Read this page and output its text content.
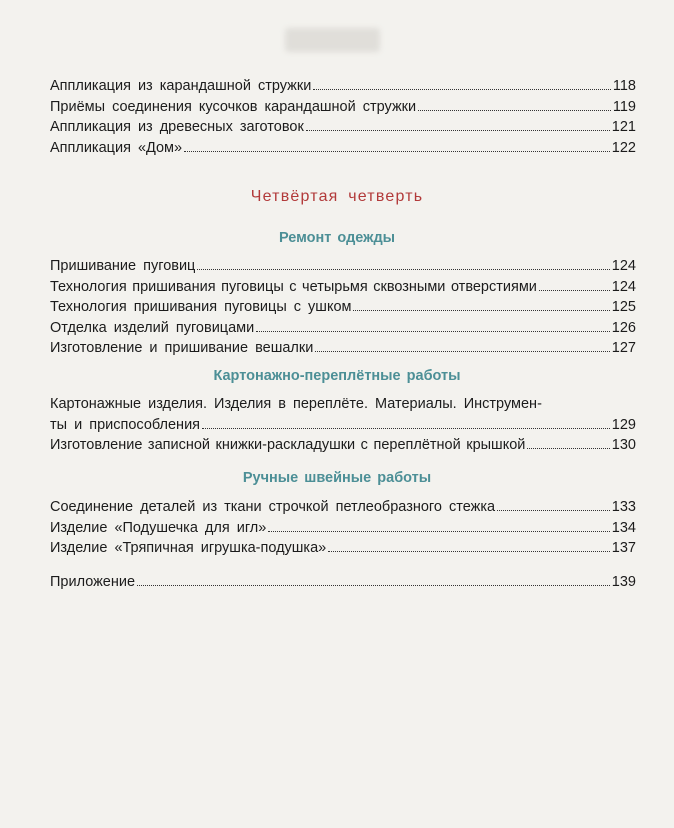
Аппликация из карандашной стружки	118
Приёмы соединения кусочков карандашной стружки	119
Аппликация из древесных заготовок	121
Аппликация «Дом»	122
Четвёртая четверть
Ремонт одежды
Пришивание пуговиц	124
Технология пришивания пуговицы с четырьмя сквозными отверстиями	124
Технология пришивания пуговицы с ушком	125
Отделка изделий пуговицами	126
Изготовление и пришивание вешалки	127
Картонажно-переплётные работы
Картонажные изделия. Изделия в переплёте. Материалы. Инструмен-
ты и приспособления	129
Изготовление записной книжки-раскладушки с переплётной крышкой	130
Ручные швейные работы
Соединение деталей из ткани строчкой петлеобразного стежка	133
Изделие «Подушечка для игл»	134
Изделие «Тряпичная игрушка-подушка»	137
Приложение	139
